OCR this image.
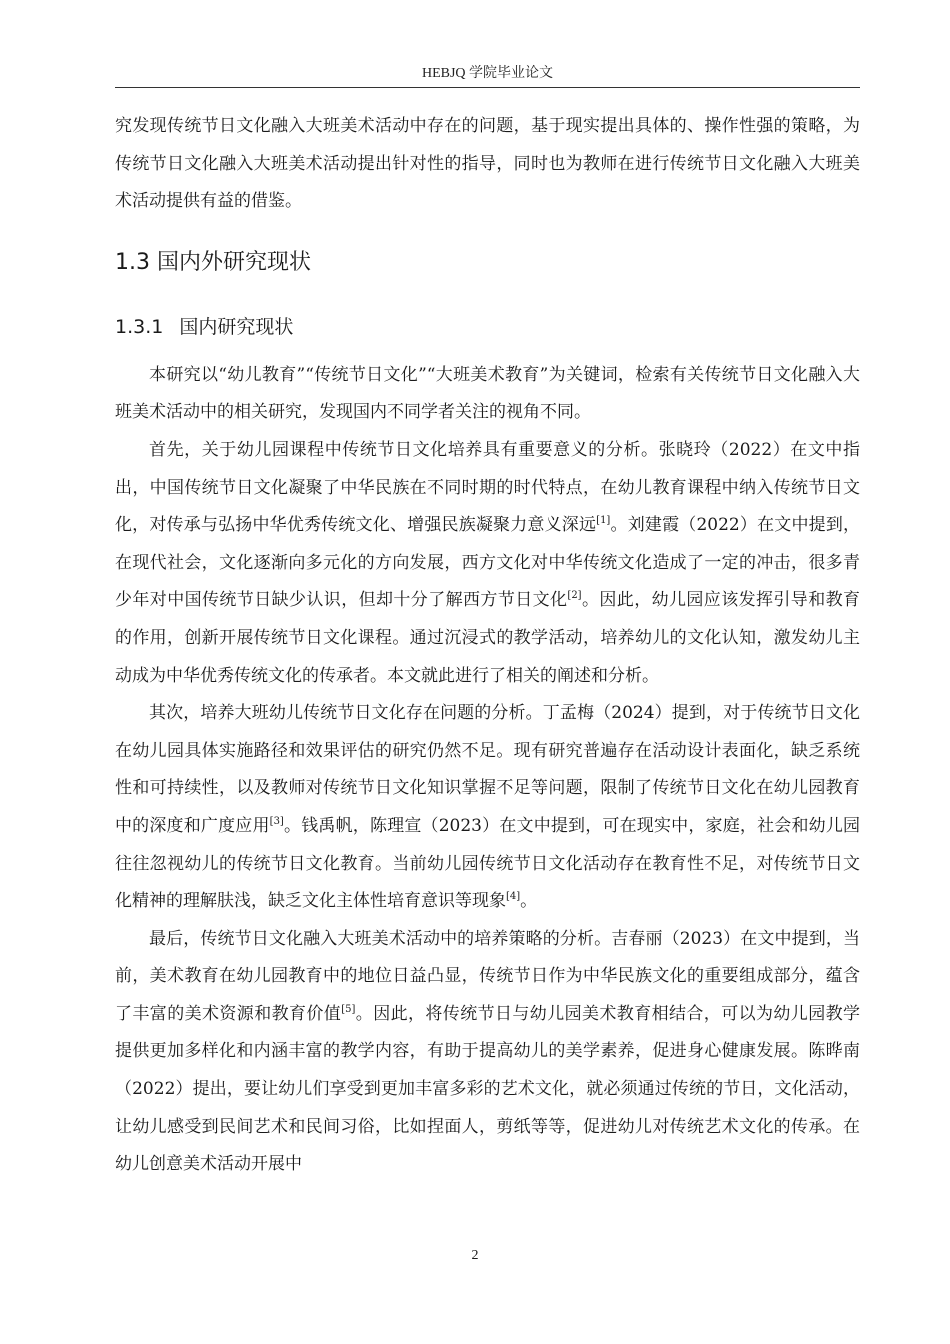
HEBJQ 学院毕业论文

究发现传统节日文化融入大班美术活动中存在的问题，基于现实提出具体的、操作性强的策略，为传统节日文化融入大班美术活动提出针对性的指导，同时也为教师在进行传统节日文化融入大班美术活动提供有益的借鉴。

1.3 国内外研究现状
1.3.1 国内研究现状

本研究以“幼儿教育”“传统节日文化”“大班美术教育”为关键词，检索有关传统节日文化融入大班美术活动中的相关研究，发现国内不同学者关注的视角不同。

首先，关于幼儿园课程中传统节日文化培养具有重要意义的分析。张晓玲（2022）在文中指出，中国传统节日文化凝聚了中华民族在不同时期的时代特点，在幼儿教育课程中纳入传统节日文化，对传承与弘扬中华优秀传统文化、增强民族凝聚力意义深远[1]。刘建霞（2022）在文中提到，在现代社会，文化逐渐向多元化的方向发展，西方文化对中华传统文化造成了一定的冲击，很多青少年对中国传统节日缺少认识，但却十分了解西方节日文化[2]。因此，幼儿园应该发挥引导和教育的作用，创新开展传统节日文化课程。通过沉浸式的教学活动，培养幼儿的文化认知，激发幼儿主动成为中华优秀传统文化的传承者。本文就此进行了相关的阐述和分析。

其次，培养大班幼儿传统节日文化存在问题的分析。丁孟梅（2024）提到，对于传统节日文化在幼儿园具体实施路径和效果评估的研究仍然不足。现有研究普遍存在活动设计表面化，缺乏系统性和可持续性，以及教师对传统节日文化知识掌握不足等问题，限制了传统节日文化在幼儿园教育中的深度和广度应用[3]。钱禹帆，陈理宣（2023）在文中提到，可在现实中，家庭，社会和幼儿园往往忽视幼儿的传统节日文化教育。当前幼儿园传统节日文化活动存在教育性不足，对传统节日文化精神的理解肤浅，缺乏文化主体性培育意识等现象[4]。

最后，传统节日文化融入大班美术活动中的培养策略的分析。吉春丽（2023）在文中提到，当前，美术教育在幼儿园教育中的地位日益凸显，传统节日作为中华民族文化的重要组成部分，蕴含了丰富的美术资源和教育价值[5]。因此，将传统节日与幼儿园美术教育相结合，可以为幼儿园教学提供更加多样化和内涵丰富的教学内容，有助于提高幼儿的美学素养，促进身心健康发展。陈晔南（2022）提出，要让幼儿们享受到更加丰富多彩的艺术文化，就必须通过传统的节日，文化活动，让幼儿感受到民间艺术和民间习俗，比如捏面人，剪纸等等，促进幼儿对传统艺术文化的传承。在幼儿创意美术活动开展中

2
